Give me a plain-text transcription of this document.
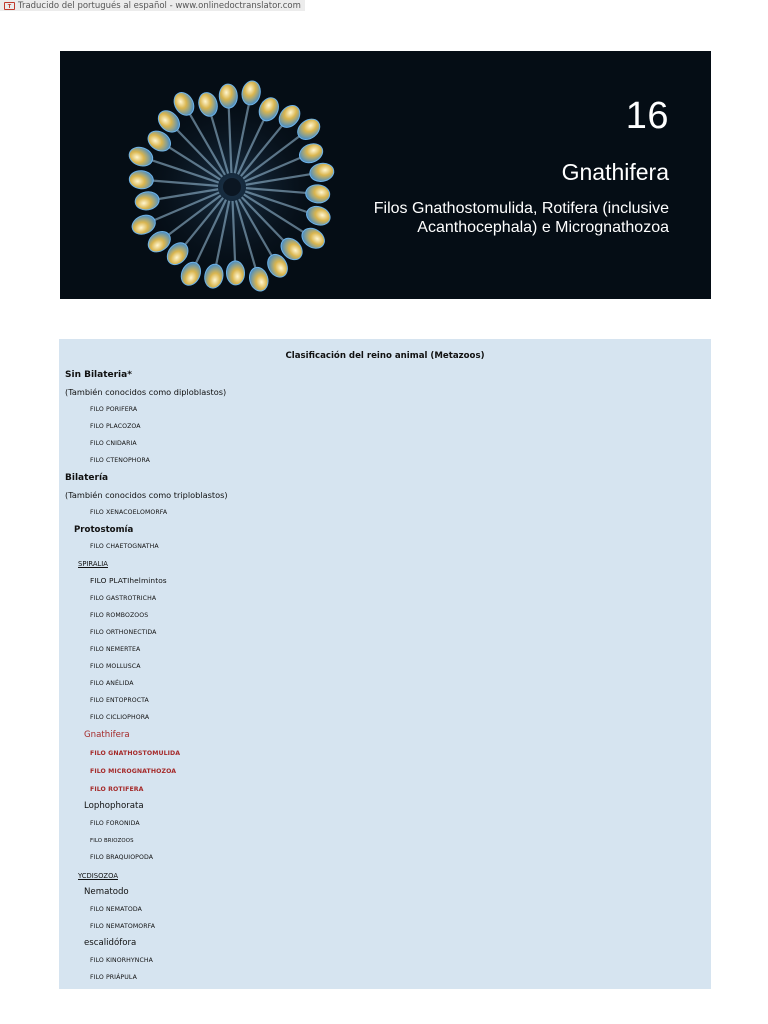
T Traducido del portugués al español - www.onlinedoctranslator.com
16
Gnathifera
Filos Gnathostomulida, Rotifera (inclusive Acanthocephala) e Micrognathozoa
Clasificación del reino animal (Metazoos)
Sin Bilateria*
(También conocidos como diploblastos)
FILO PORIFERA
FILO PLACOZOA
FILO CNIDARIA
FILO CTENOPHORA
Bilatería
(También conocidos como triploblastos)
FILO XENACOELOMORFA
Protostomía
FILO CHAETOGNATHA
SPIRALIA
FILO PLATIhelmintos
FILO GASTROTRICHA
FILO ROMBOZOOS
FILO ORTHONECTIDA
FILO NEMERTEA
FILO MOLLUSCA
FILO ANÉLIDA
FILO ENTOPROCTA
FILO CICLIOPHORA
Gnathifera
FILO GNATHOSTOMULIDA
FILO MICROGNATHOZOA
FILO ROTIFERA
Lophophorata
FILO FORONIDA
FILO BRIOZOOS
FILO BRAQUIOPODA
YCDISOZOA
Nematodo
FILO NEMATODA
FILO NEMATOMORFA
escalidófora
FILO KINORHYNCHA
FILO PRIÁPULA
